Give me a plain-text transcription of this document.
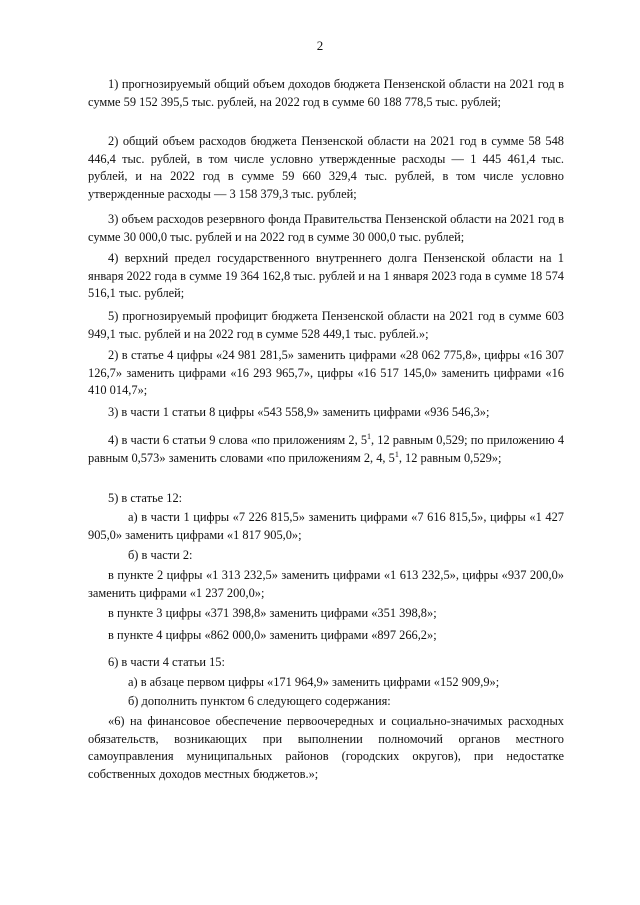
2

1) прогнозируемый общий объем доходов бюджета Пензенской области на 2021 год в сумме 59 152 395,5 тыс. рублей, на 2022 год в сумме 60 188 778,5 тыс. рублей;

2) общий объем расходов бюджета Пензенской области на 2021 год в сумме 58 548 446,4 тыс. рублей, в том числе условно утвержденные расходы — 1 445 461,4 тыс. рублей, и на 2022 год в сумме 59 660 329,4 тыс. рублей, в том числе условно утвержденные расходы — 3 158 379,3 тыс. рублей;

3) объем расходов резервного фонда Правительства Пензенской области на 2021 год в сумме 30 000,0 тыс. рублей и на 2022 год в сумме 30 000,0 тыс. рублей;

4) верхний предел государственного внутреннего долга Пензенской области на 1 января 2022 года в сумме 19 364 162,8 тыс. рублей и на 1 января 2023 года в сумме 18 574 516,1 тыс. рублей;

5) прогнозируемый профицит бюджета Пензенской области на 2021 год в сумме 603 949,1 тыс. рублей и на 2022 год в сумме 528 449,1 тыс. рублей.»;

2) в статье 4 цифры «24 981 281,5» заменить цифрами «28 062 775,8», цифры «16 307 126,7» заменить цифрами «16 293 965,7», цифры «16 517 145,0» заменить цифрами «16 410 014,7»;

3) в части 1 статьи 8 цифры «543 558,9» заменить цифрами «936 546,3»;

4) в части 6 статьи 9 слова «по приложениям 2, $5^1$, 12 равным 0,529; по приложению 4 равным 0,573» заменить словами «по приложениям 2, 4, $5^1$, 12 равным 0,529»;

5) в статье 12:

а) в части 1 цифры «7 226 815,5» заменить цифрами «7 616 815,5», цифры «1 427 905,0» заменить цифрами «1 817 905,0»;

б) в части 2:

в пункте 2 цифры «1 313 232,5» заменить цифрами «1 613 232,5», цифры «937 200,0» заменить цифрами «1 237 200,0»;

в пункте 3 цифры «371 398,8» заменить цифрами «351 398,8»;

в пункте 4 цифры «862 000,0» заменить цифрами «897 266,2»;

6) в части 4 статьи 15:

а) в абзаце первом цифры «171 964,9» заменить цифрами «152 909,9»;

б) дополнить пунктом 6 следующего содержания:

«6) на финансовое обеспечение первоочередных и социально-значимых расходных обязательств, возникающих при выполнении полномочий органов местного самоуправления муниципальных районов (городских округов), при недостатке собственных доходов местных бюджетов.»;
